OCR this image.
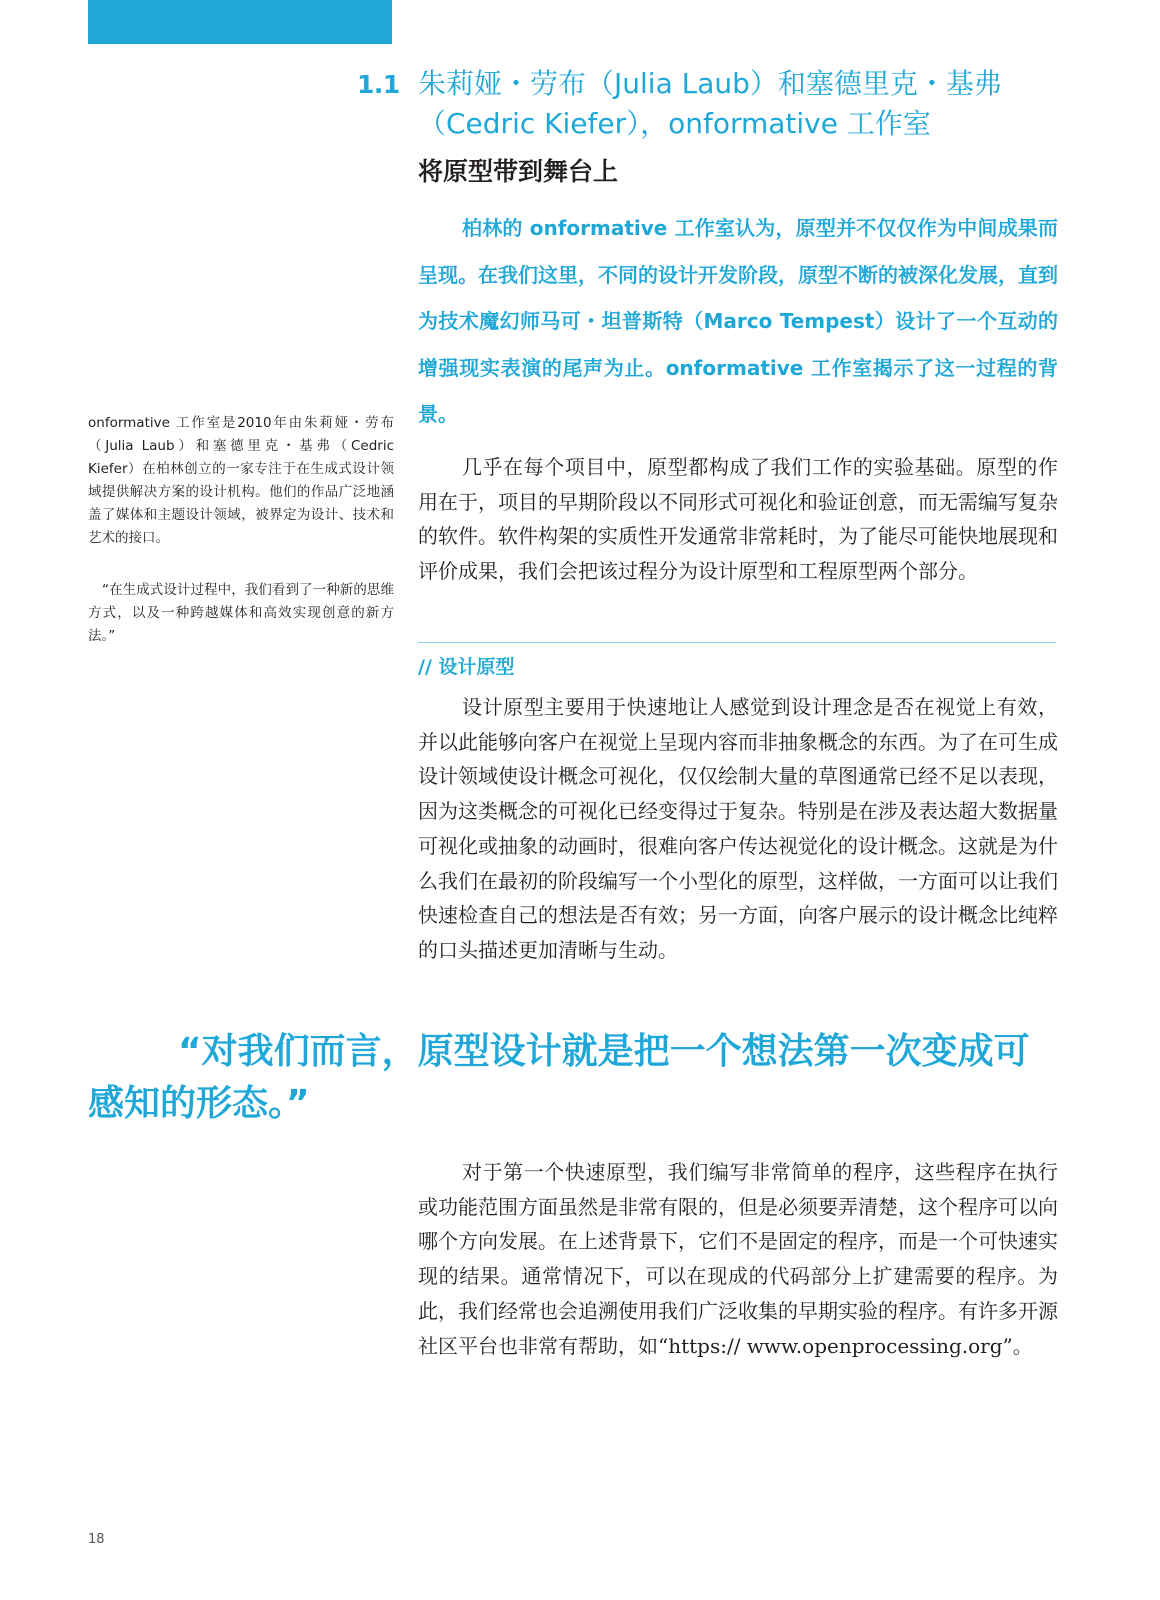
1.1 朱莉娅・劳布（Julia Laub）和塞德里克・基弗
（Cedric Kiefer），onformative 工作室
将原型带到舞台上

柏林的 onformative 工作室认为，原型并不仅仅作为中间成果而呈现。在我们这里，不同的设计开发阶段，原型不断的被深化发展，直到为技术魔幻师马可・坦普斯特（Marco Tempest）设计了一个互动的增强现实表演的尾声为止。onformative 工作室揭示了这一过程的背景。

onformative 工作室是2010年由朱莉娅・劳布（Julia Laub）和塞德里克・基弗（Cedric Kiefer）在柏林创立的一家专注于在生成式设计领域提供解决方案的设计机构。他们的作品广泛地涵盖了媒体和主题设计领域，被界定为设计、技术和艺术的接口。

“在生成式设计过程中，我们看到了一种新的思维方式，以及一种跨越媒体和高效实现创意的新方法。”

几乎在每个项目中，原型都构成了我们工作的实验基础。原型的作用在于，项目的早期阶段以不同形式可视化和验证创意，而无需编写复杂的软件。软件构架的实质性开发通常非常耗时，为了能尽可能快地展现和评价成果，我们会把该过程分为设计原型和工程原型两个部分。

// 设计原型

设计原型主要用于快速地让人感觉到设计理念是否在视觉上有效，并以此能够向客户在视觉上呈现内容而非抽象概念的东西。为了在可生成设计领域使设计概念可视化，仅仅绘制大量的草图通常已经不足以表现，因为这类概念的可视化已经变得过于复杂。特别是在涉及表达超大数据量可视化或抽象的动画时，很难向客户传达视觉化的设计概念。这就是为什么我们在最初的阶段编写一个小型化的原型，这样做，一方面可以让我们快速检查自己的想法是否有效；另一方面，向客户展示的设计概念比纯粹的口头描述更加清晰与生动。

“对我们而言，原型设计就是把一个想法第一次变成可感知的形态。”

对于第一个快速原型，我们编写非常简单的程序，这些程序在执行或功能范围方面虽然是非常有限的，但是必须要弄清楚，这个程序可以向哪个方向发展。在上述背景下，它们不是固定的程序，而是一个可快速实现的结果。通常情况下，可以在现成的代码部分上扩建需要的程序。为此，我们经常也会追溯使用我们广泛收集的早期实验的程序。有许多开源社区平台也非常有帮助，如“https:// www.openprocessing.org”。

18
